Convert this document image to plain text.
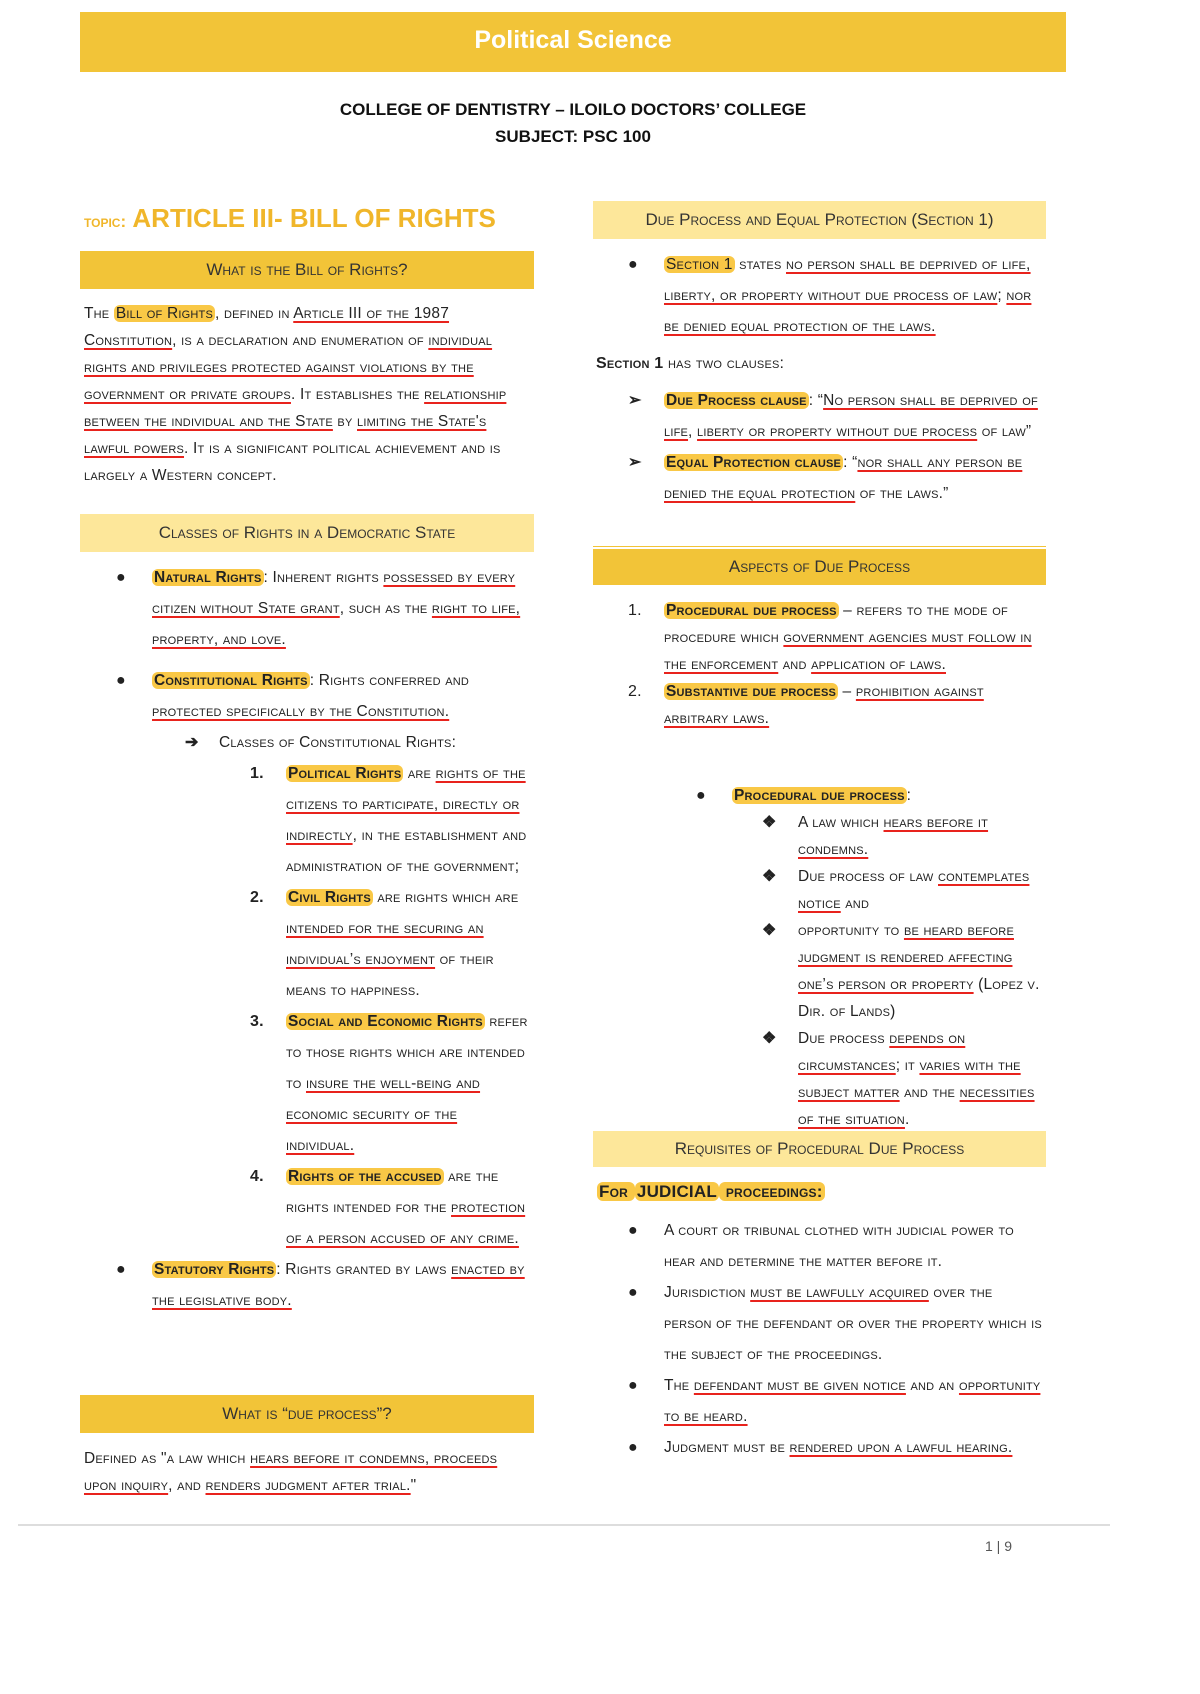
Political Science
COLLEGE OF DENTISTRY – ILOILO DOCTORS’ COLLEGE
SUBJECT: PSC 100
topic: ARTICLE III- BILL OF RIGHTS
What is the Bill of Rights?
The Bill of Rights , defined in Article III of the 1987 Constitution, is a declaration and enumeration of individual rights and privileges protected against violations by the government or private groups. It establishes the relationship between the individual and the State by limiting the State's lawful powers. It is a significant political achievement and is largely a Western concept.
Classes of Rights in a Democratic State
●	Natural Rights : Inherent rights possessed by every citizen without State grant, such as the right to life, property, and love.
●	Constitutional Rights : Rights conferred and protected specifically by the Constitution.
➔	Classes of Constitutional Rights:
1.	Political Rights are rights of the citizens to participate, directly or indirectly, in the establishment and administration of the government;
2.	Civil Rights are rights which are intended for the securing an individual’s enjoyment of their means to happiness.
3.	Social and Economic Rights refer to those rights which are intended to insure the well-being and economic security of the individual.
4.	Rights of the accused are the rights intended for the protection of a person accused of any crime.
●	Statutory Rights : Rights granted by laws enacted by the legislative body.
What is “due process”?
Defined as "a law which hears before it condemns, proceeds upon inquiry, and renders judgment after trial."
Due Process and Equal Protection (Section 1)
●	Section 1 states no person shall be deprived of life, liberty, or property without due process of law; nor be denied equal protection of the laws.
Section 1 has two clauses:
➢	Due Process clause : “No person shall be deprived of life, liberty or property without due process of law”
➢	Equal Protection clause : “nor shall any person be denied the equal protection of the laws.”
Aspects of Due Process
1.	Procedural due process – refers to the mode of procedure which government agencies must follow in the enforcement and application of laws.
2.	Substantive due process – prohibition against arbitrary laws.
●	Procedural due process :
❖	A law which hears before it condemns.
❖	Due process of law contemplates notice and
❖	opportunity to be heard before judgment is rendered affecting one’s person or property (Lopez v. Dir. of Lands)
❖	Due process depends on circumstances; it varies with the subject matter and the necessities of the situation.
Requisites of Procedural Due Process
For JUDICIAL proceedings:
●	A court or tribunal clothed with judicial power to hear and determine the matter before it.
●	Jurisdiction must be lawfully acquired over the person of the defendant or over the property which is the subject of the proceedings.
●	The defendant must be given notice and an opportunity to be heard.
●	Judgment must be rendered upon a lawful hearing.
1 | 9
